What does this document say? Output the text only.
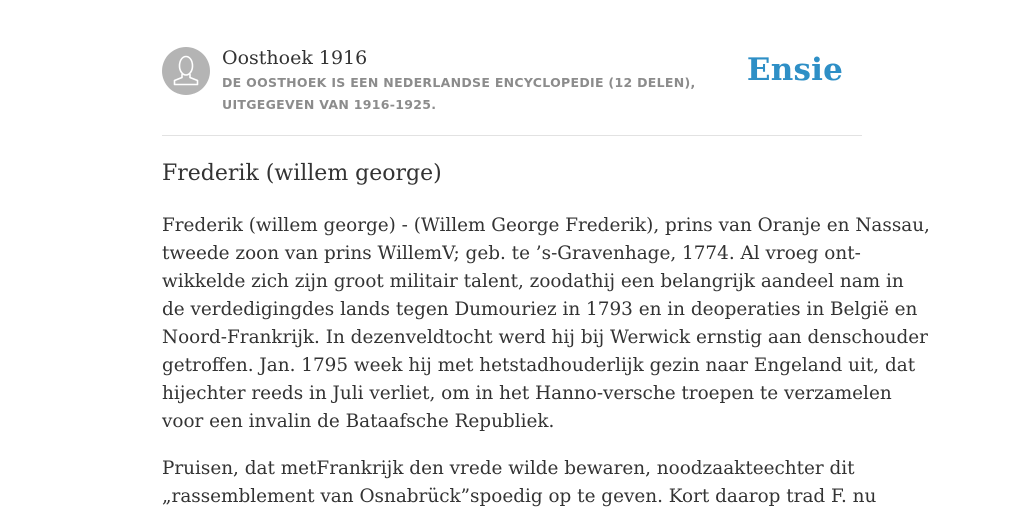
Oosthoek 1916

DE OOSTHOEK IS EEN NEDERLANDSE ENCYCLOPEDIE (12 DELEN), UITGEGEVEN VAN 1916-1925.

Ensie
Frederik (willem george)

Frederik (willem george) - (Willem George Frederik), prins van Oranje en Nassau,
tweede zoon van prins WillemV; geb. te ’s-Gravenhage, 1774. Al vroeg ont-
wikkelde zich zijn groot militair talent, zoodathij een belangrijk aandeel nam in
de verdedigingdes lands tegen Dumouriez in 1793 en in deoperaties in België en
Noord-Frankrijk. In dezenveldtocht werd hij bij Werwick ernstig aan denschouder
getroffen. Jan. 1795 week hij met hetstadhouderlijk gezin naar Engeland uit, dat
hijechter reeds in Juli verliet, om in het Hanno-versche troepen te verzamelen
voor een invalin de Bataafsche Republiek.

Pruisen, dat metFrankrijk den vrede wilde bewaren, noodzaakteechter dit
„rassemblement van Osnabrück”spoedig op te geven. Kort daarop trad F. nu
